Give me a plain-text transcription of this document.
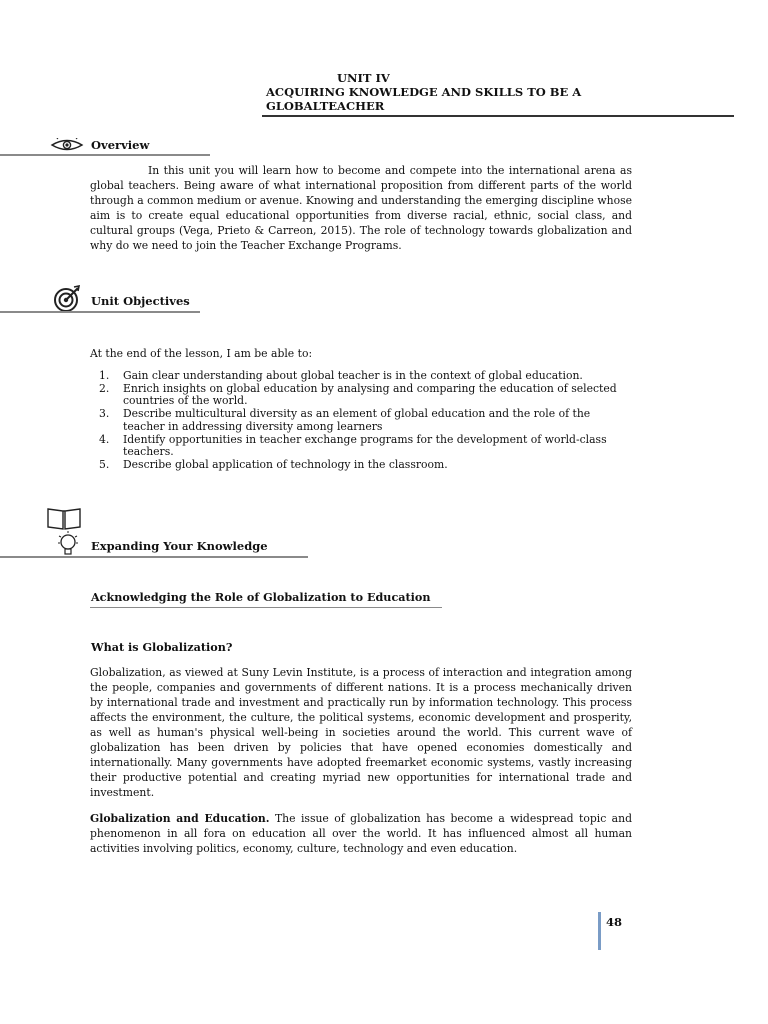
UNIT IV
ACQUIRING KNOWLEDGE AND SKILLS TO BE A
GLOBALTEACHER
Overview
In this unit you will learn how to become and compete into the international arena as global teachers. Being aware of what international proposition from different parts of the world through a common medium or avenue. Knowing and understanding the emerging discipline whose aim is to create equal educational opportunities from diverse racial, ethnic, social class, and cultural groups (Vega, Prieto & Carreon, 2015). The role of technology towards globalization and why do we need to join the Teacher Exchange Programs.
Unit Objectives
At the end of the lesson, I am be able to:
1. Gain clear understanding about global teacher is in the context of global education.
2. Enrich insights on global education by analysing and comparing the education of selected countries of the world.
3. Describe multicultural diversity as an element of global education and the role of the teacher in addressing diversity among learners
4. Identify opportunities in teacher exchange programs for the development of world-class teachers.
5. Describe global application of technology in the classroom.
Expanding Your Knowledge
Acknowledging the Role of Globalization to Education
What is Globalization?
Globalization, as viewed at Suny Levin Institute, is a process of interaction and integration among the people, companies and governments of different nations. It is a process mechanically driven by international trade and investment and practically run by information technology. This process affects the environment, the culture, the political systems, economic development and prosperity, as well as human's physical well-being in societies around the world. This current wave of globalization has been driven by policies that have opened economies domestically and internationally. Many governments have adopted freemarket economic systems, vastly increasing their productive potential and creating myriad new opportunities for international trade and investment.
Globalization and Education. The issue of globalization has become a widespread topic and phenomenon in all fora on education all over the world. It has influenced almost all human activities involving politics, economy, culture, technology and even education.
48
